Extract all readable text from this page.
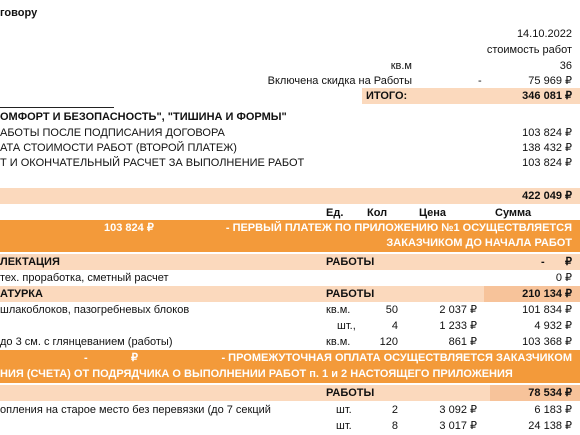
говору
14.10.2022
стоимость работ
кв.м	36
Включена скидка на Работы	-	75 969 ₽
ИТОГО:	346 081 ₽
ОМФОРТ И БЕЗОПАСНОСТЬ", "ТИШИНА И ФОРМЫ"
АБОТЫ ПОСЛЕ ПОДПИСАНИЯ ДОГОВОРА	103 824 ₽
АТА СТОИМОСТИ РАБОТ (ВТОРОЙ ПЛАТЕЖ)	138 432 ₽
Т И ОКОНЧАТЕЛЬНЫЙ РАСЧЕТ ЗА ВЫПОЛНЕНИЕ РАБОТ	103 824 ₽
422 049 ₽
Ед. Кол	Цена	Сумма
103 824 ₽	- ПЕРВЫЙ ПЛАТЕЖ ПО ПРИЛОЖЕНИЮ №1 ОСУЩЕСТВЛЯЕТСЯ
ЗАКАЗЧИКОМ ДО НАЧАЛА РАБОТ
ЛЕКТАЦИЯ	РАБОТЫ	- ₽
тех. проработка, сметный расчет	0 ₽
АТУРКА	РАБОТЫ	210 134 ₽
шлакоблоков, пазогребневых блоков	кв.м.	50	2 037 ₽	101 834 ₽
шт.,	4	1 233 ₽	4 932 ₽
до 3 см. с глянцеванием (работы)	кв.м.	120	861 ₽	103 368 ₽
-	₽	- ПРОМЕЖУТОЧНАЯ ОПЛАТА ОСУЩЕСТВЛЯЕТСЯ ЗАКАЗЧИКОМ
НИЯ (СЧЕТА) ОТ ПОДРЯДЧИКА О ВЫПОЛНЕНИИ РАБОТ п. 1 и 2 НАСТОЯЩЕГО ПРИЛОЖЕНИЯ
РАБОТЫ	78 534 ₽
опления на старое место без перевязки (до 7 секций	шт.	2	3 092 ₽	6 183 ₽
шт.	8	3 017 ₽	24 138 ₽
